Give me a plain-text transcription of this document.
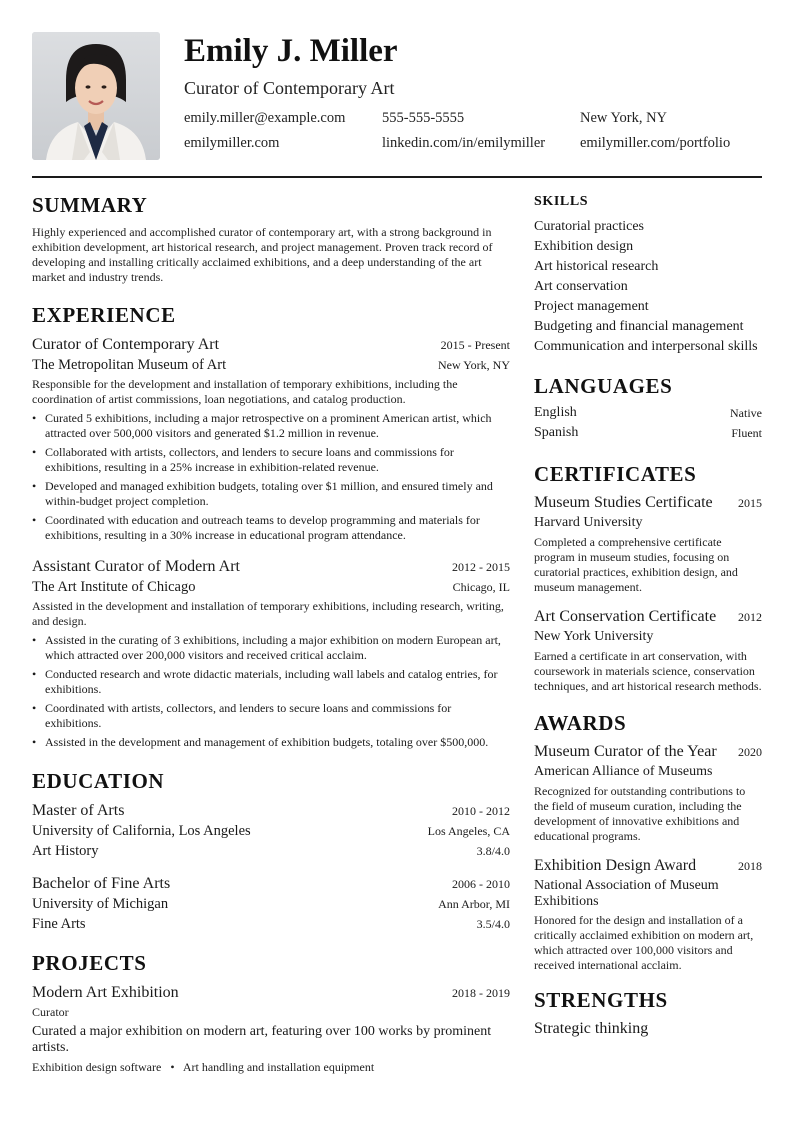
Emily J. Miller
Curator of Contemporary Art
emily.miller@example.com	555-555-5555	New York, NY
emilymiller.com	linkedin.com/in/emilymiller emilymiller.com/portfolio
SUMMARY

Highly experienced and accomplished curator of contemporary art, with a strong background in exhibition development, art historical research, and project management. Proven track record of developing and installing critically acclaimed exhibitions, and a deep understanding of the art market and industry trends.

EXPERIENCE
Curator of Contemporary Art	2015 - Present
The Metropolitan Museum of Art	New York, NY

Responsible for the development and installation of temporary exhibitions, including the coordination of artist commissions, loan negotiations, and catalog production.

• Curated 5 exhibitions, including a major retrospective on a prominent American artist, which attracted over 500,000 visitors and generated $1.2 million in revenue.
• Collaborated with artists, collectors, and lenders to secure loans and commissions for exhibitions, resulting in a 25% increase in exhibition-related revenue.
• Developed and managed exhibition budgets, totaling over $1 million, and ensured timely and within-budget project completion.
• Coordinated with education and outreach teams to develop programming and materials for exhibitions, resulting in a 30% increase in educational program attendance.
Assistant Curator of Modern Art	2012 - 2015
The Art Institute of Chicago	Chicago, IL

Assisted in the development and installation of temporary exhibitions, including research, writing, and design.

• Assisted in the curating of 3 exhibitions, including a major exhibition on modern European art, which attracted over 200,000 visitors and received critical acclaim.
• Conducted research and wrote didactic materials, including wall labels and catalog entries, for exhibitions.
• Coordinated with artists, collectors, and lenders to secure loans and commissions for exhibitions.
• Assisted in the development and management of exhibition budgets, totaling over $500,000.
EDUCATION
Master of Arts	2010 - 2012
University of California, Los Angeles	Los Angeles, CA
Art History	3.8/4.0
Bachelor of Fine Arts	2006 - 2010
University of Michigan	Ann Arbor, MI
Fine Arts	3.5/4.0
PROJECTS
Modern Art Exhibition	2018 - 2019
Curator

Curated a major exhibition on modern art, featuring over 100 works by prominent artists.

Exhibition design software • Art handling and installation equipment
SKILLS
Curatorial practices
Exhibition design
Art historical research
Art conservation
Project management
Budgeting and financial management
Communication and interpersonal skills
LANGUAGES
English	Native
Spanish	Fluent
CERTIFICATES
Museum Studies Certificate	2015
Harvard University

Completed a comprehensive certificate program in museum studies, focusing on curatorial practices, exhibition design, and museum management.

Art Conservation Certificate	2012
New York University

Earned a certificate in art conservation, with coursework in materials science, conservation techniques, and art historical research methods.

AWARDS
Museum Curator of the Year	2020
American Alliance of Museums

Recognized for outstanding contributions to the field of museum curation, including the development of innovative exhibitions and educational programs.

Exhibition Design Award	2018
National Association of Museum Exhibitions

Honored for the design and installation of a critically acclaimed exhibition on modern art, which attracted over 100,000 visitors and received international acclaim.

STRENGTHS
Strategic thinking
